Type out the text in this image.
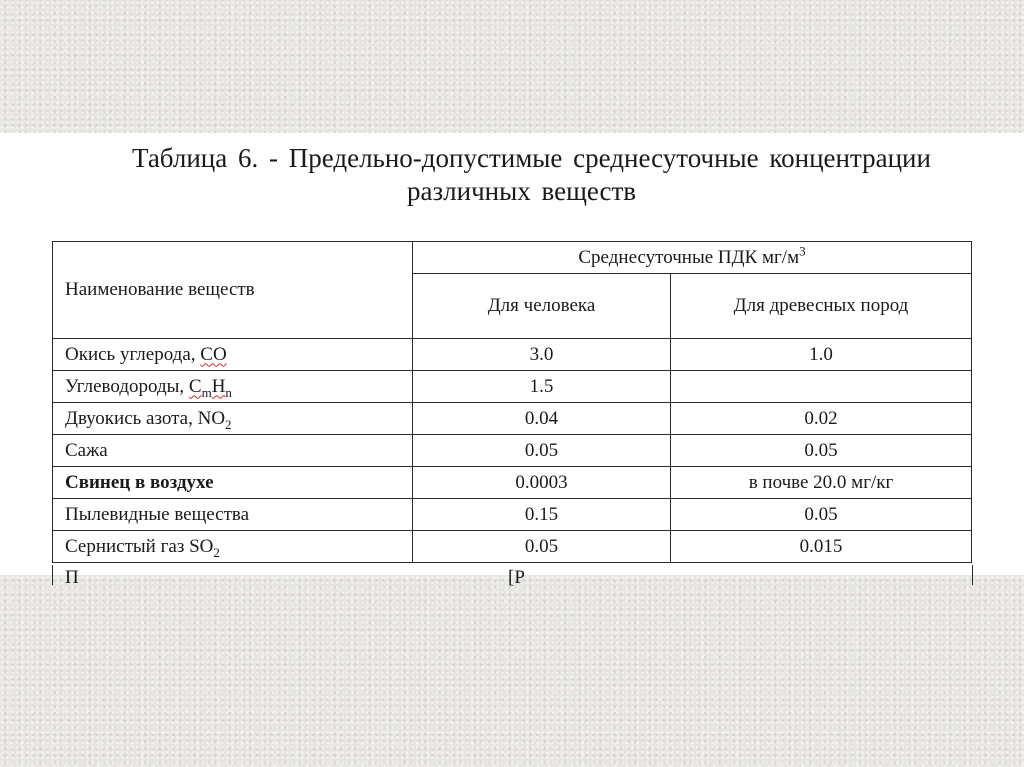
Таблица 6. - Предельно-допустимые среднесуточные концентрации
различных веществ
Наименование веществ	Среднесуточные ПДК $мг/м^3$
	Для человека	Для древесных пород
Окись углерода, CO	3.0	1.0
Углеводороды, $C_mH_n$	1.5	
Двуокись азота, $NO_2$	0.04	0.02
Сажа	0.05	0.05
Свинец в воздухе	0.0003	в почве 20.0 мг/кг
Пылевидные вещества	0.15	0.05
Сернистый газ $SO_2$	0.05	0.015
П	[Р
